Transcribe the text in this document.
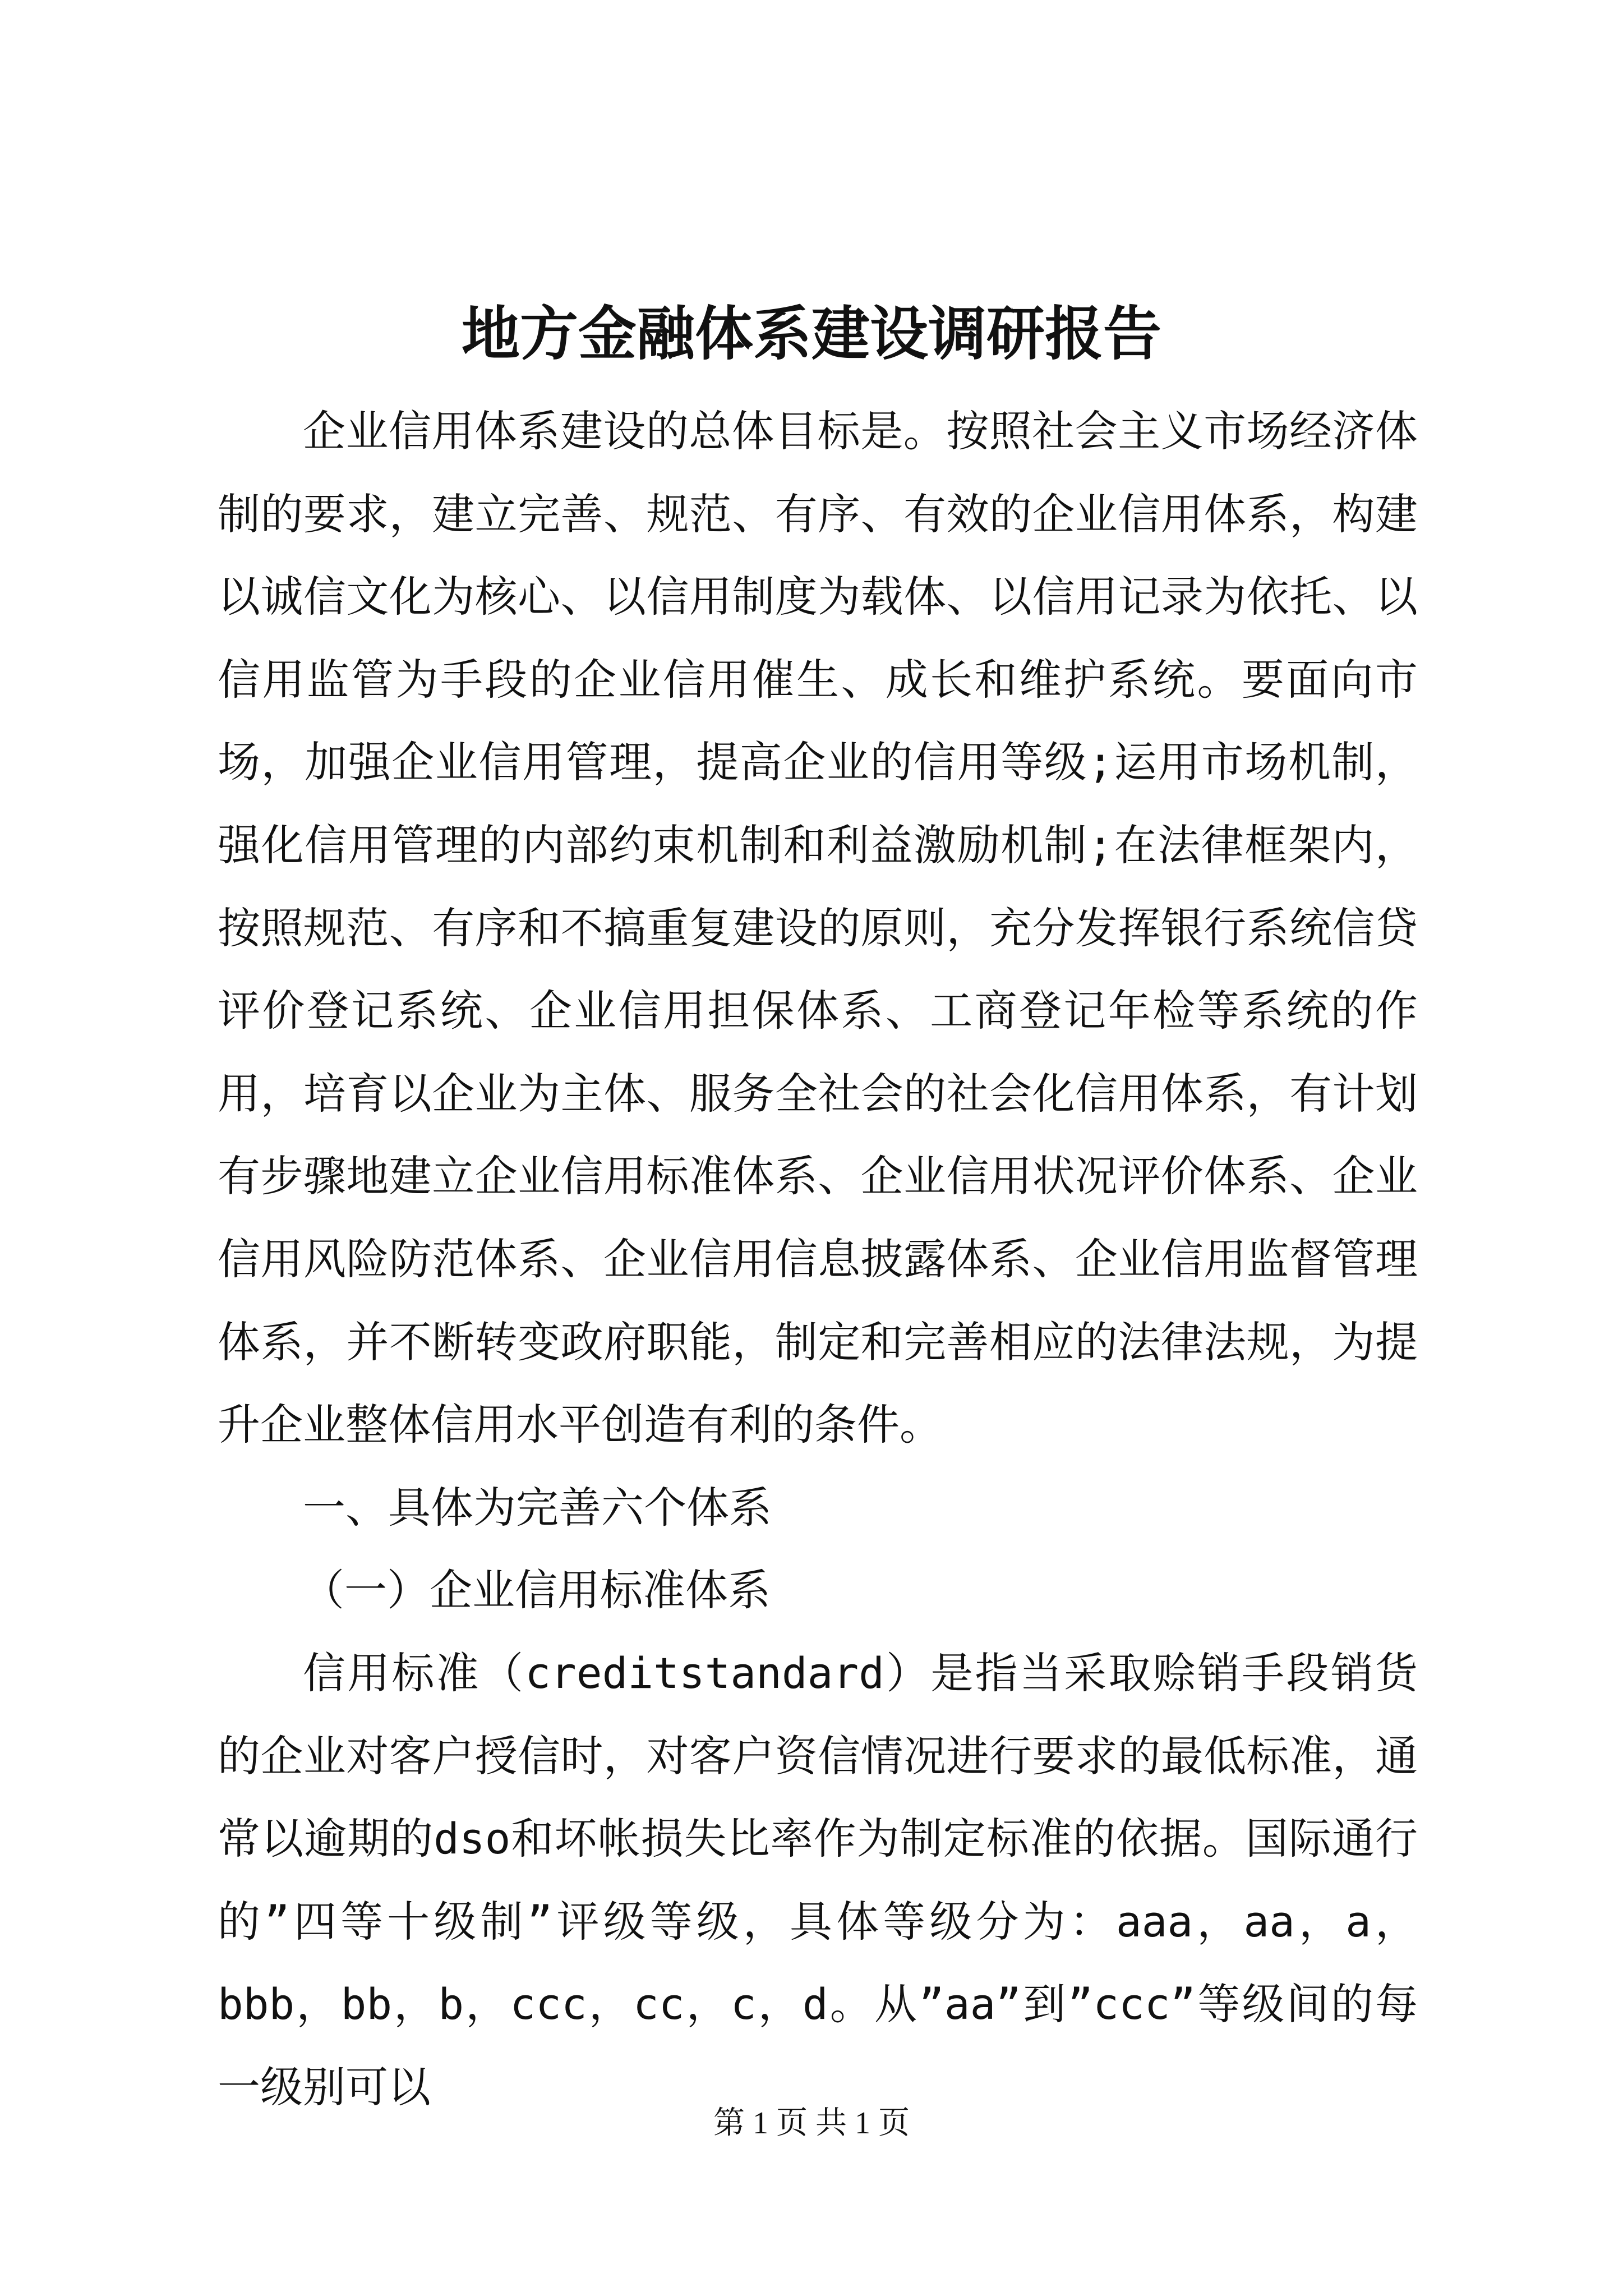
地方金融体系建设调研报告

企业信用体系建设的总体目标是。按照社会主义市场经济体制的要求，建立完善、规范、有序、有效的企业信用体系，构建以诚信文化为核心、以信用制度为载体、以信用记录为依托、以信用监管为手段的企业信用催生、成长和维护系统。要面向市场，加强企业信用管理，提高企业的信用等级;运用市场机制，强化信用管理的内部约束机制和利益激励机制;在法律框架内，按照规范、有序和不搞重复建设的原则，充分发挥银行系统信贷评价登记系统、企业信用担保体系、工商登记年检等系统的作用，培育以企业为主体、服务全社会的社会化信用体系，有计划有步骤地建立企业信用标准体系、企业信用状况评价体系、企业信用风险防范体系、企业信用信息披露体系、企业信用监督管理体系，并不断转变政府职能，制定和完善相应的法律法规，为提升企业整体信用水平创造有利的条件。

一、具体为完善六个体系

（一）企业信用标准体系

信用标准（creditstandard）是指当采取赊销手段销货的企业对客户授信时，对客户资信情况进行要求的最低标准，通常以逾期的dso和坏帐损失比率作为制定标准的依据。国际通行的”四等十级制”评级等级，具体等级分为：aaa，aa，a，bbb，bb，b，ccc，cc，c，d。从”aa”到”ccc”等级间的每一级别可以

第 1 页 共 1 页
